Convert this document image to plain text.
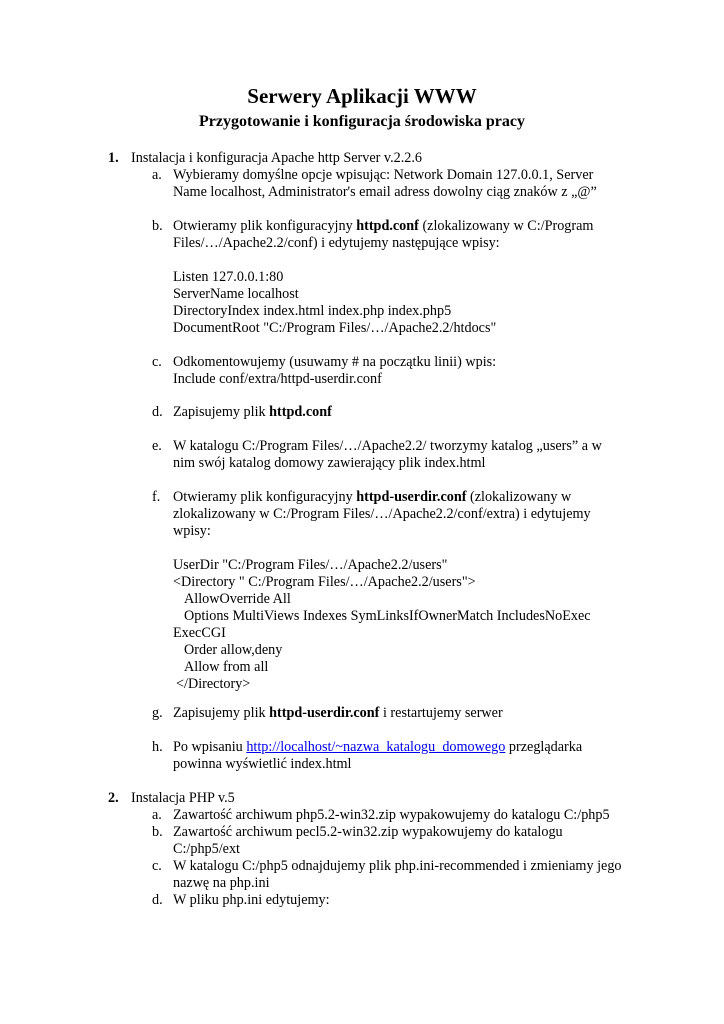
Serwery Aplikacji WWW
Przygotowanie i konfiguracja środowiska pracy
1. Instalacja i konfiguracja Apache http Server v.2.2.6
a. Wybieramy domyślne opcje wpisując: Network Domain 127.0.0.1, Server
Name localhost, Administrator's email adress dowolny ciąg znaków z „@”
b. Otwieramy plik konfiguracyjny httpd.conf (zlokalizowany w C:/Program
Files/…/Apache2.2/conf) i edytujemy następujące wpisy:
Listen 127.0.0.1:80
ServerName localhost
DirectoryIndex index.html index.php index.php5
DocumentRoot "C:/Program Files/…/Apache2.2/htdocs"
c. Odkomentowujemy (usuwamy # na początku linii) wpis:
Include conf/extra/httpd-userdir.conf
d. Zapisujemy plik httpd.conf
e. W katalogu C:/Program Files/…/Apache2.2/ tworzymy katalog „users” a w
nim swój katalog domowy zawierający plik index.html
f. Otwieramy plik konfiguracyjny httpd-userdir.conf (zlokalizowany w
zlokalizowany w C:/Program Files/…/Apache2.2/conf/extra) i edytujemy
wpisy:
UserDir "C:/Program Files/…/Apache2.2/users"
<Directory " C:/Program Files/…/Apache2.2/users">
AllowOverride All
Options MultiViews Indexes SymLinksIfOwnerMatch IncludesNoExec
ExecCGI
Order allow,deny
Allow from all
</Directory>
g. Zapisujemy plik httpd-userdir.conf i restartujemy serwer
h. Po wpisaniu http://localhost/~nazwa_katalogu_domowego przeglądarka
powinna wyświetlić index.html
2. Instalacja PHP v.5
a. Zawartość archiwum php5.2-win32.zip wypakowujemy do katalogu C:/php5
b. Zawartość archiwum pecl5.2-win32.zip wypakowujemy do katalogu
C:/php5/ext
c. W katalogu C:/php5 odnajdujemy plik php.ini-recommended i zmieniamy jego
nazwę na php.ini
d. W pliku php.ini edytujemy:
